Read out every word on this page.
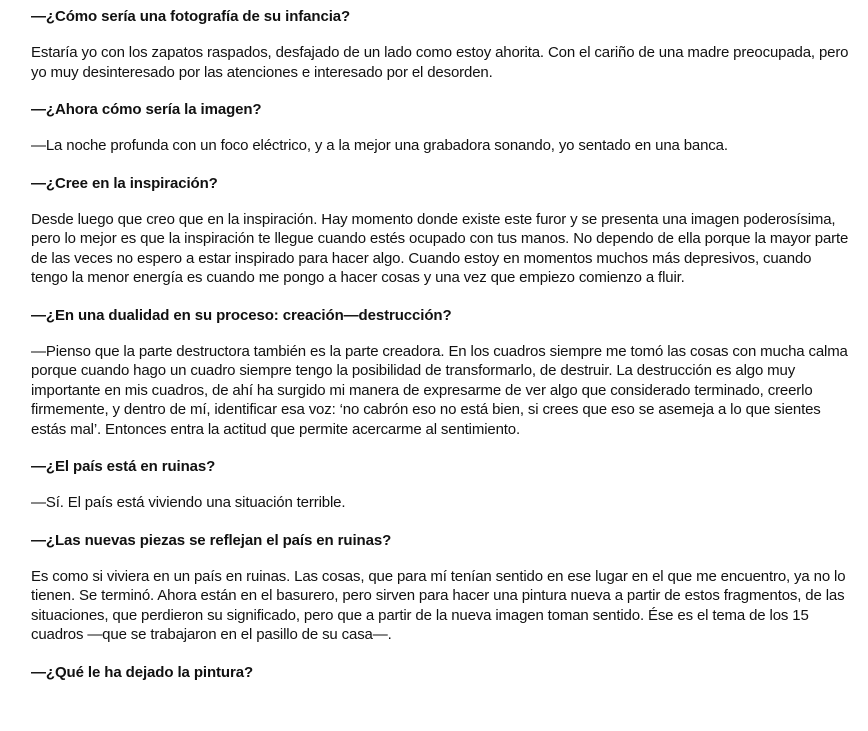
—¿Cómo sería una fotografía de su infancia?

Estaría yo con los zapatos raspados, desfajado de un lado como estoy ahorita. Con el cariño de una madre preocupada, pero yo muy desinteresado por las atenciones e interesado por el desorden.

—¿Ahora cómo sería la imagen?

—La noche profunda con un foco eléctrico, y a la mejor una grabadora sonando, yo sentado en una banca.

—¿Cree en la inspiración?

Desde luego que creo que en la inspiración. Hay momento donde existe este furor y se presenta una imagen poderosísima, pero lo mejor es que la inspiración te llegue cuando estés ocupado con tus manos. No dependo de ella porque la mayor parte de las veces no espero a estar inspirado para hacer algo. Cuando estoy en momentos muchos más depresivos, cuando tengo la menor energía es cuando me pongo a hacer cosas y una vez que empiezo comienzo a fluir.

—¿En una dualidad en su proceso: creación—destrucción?

—Pienso que la parte destructora también es la parte creadora. En los cuadros siempre me tomó las cosas con mucha calma porque cuando hago un cuadro siempre tengo la posibilidad de transformarlo, de destruir. La destrucción es algo muy importante en mis cuadros, de ahí ha surgido mi manera de expresarme de ver algo que considerado terminado, creerlo firmemente, y dentro de mí, identificar esa voz: ‘no cabrón eso no está bien, si crees que eso se asemeja a lo que sientes estás mal’. Entonces entra la actitud que permite acercarme al sentimiento.

—¿El país está en ruinas?

—Sí. El país está viviendo una situación terrible.

—¿Las nuevas piezas se reflejan el país en ruinas?

Es como si viviera en un país en ruinas. Las cosas, que para mí tenían sentido en ese lugar en el que me encuentro, ya no lo tienen. Se terminó. Ahora están en el basurero, pero sirven para hacer una pintura nueva a partir de estos fragmentos, de las situaciones, que perdieron su significado, pero que a partir de la nueva imagen toman sentido. Ése es el tema de los 15 cuadros —que se trabajaron en el pasillo de su casa—.

—¿Qué le ha dejado la pintura?
